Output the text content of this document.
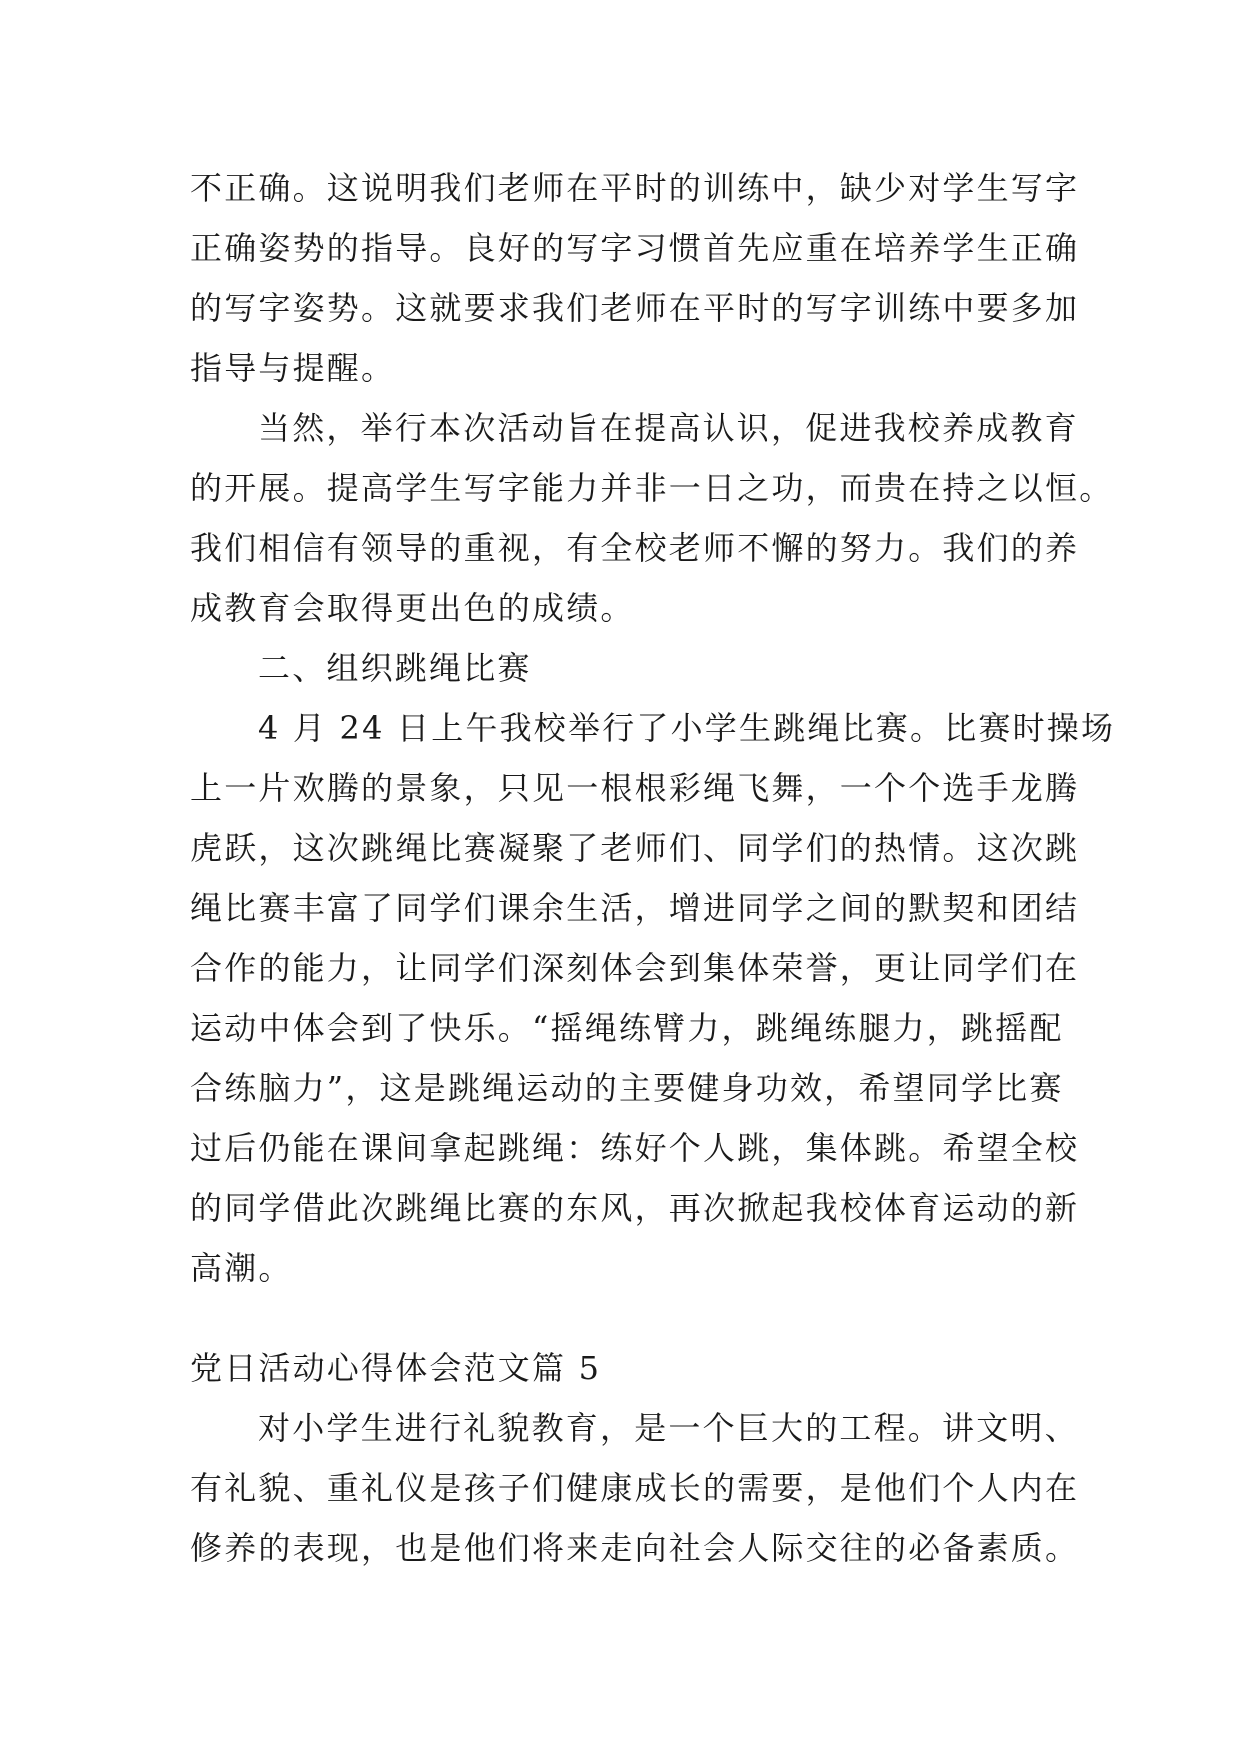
不正确。这说明我们老师在平时的训练中，缺少对学生写字
正确姿势的指导。良好的写字习惯首先应重在培养学生正确
的写字姿势。这就要求我们老师在平时的写字训练中要多加
指导与提醒。
当然，举行本次活动旨在提高认识，促进我校养成教育
的开展。提高学生写字能力并非一日之功，而贵在持之以恒。
我们相信有领导的重视，有全校老师不懈的努力。我们的养
成教育会取得更出色的成绩。
二、组织跳绳比赛
4 月 24 日上午我校举行了小学生跳绳比赛。比赛时操场
上一片欢腾的景象，只见一根根彩绳飞舞，一个个选手龙腾
虎跃，这次跳绳比赛凝聚了老师们、同学们的热情。这次跳
绳比赛丰富了同学们课余生活，增进同学之间的默契和团结
合作的能力，让同学们深刻体会到集体荣誉，更让同学们在
运动中体会到了快乐。“摇绳练臂力，跳绳练腿力，跳摇配
合练脑力”，这是跳绳运动的主要健身功效，希望同学比赛
过后仍能在课间拿起跳绳：练好个人跳，集体跳。希望全校
的同学借此次跳绳比赛的东风，再次掀起我校体育运动的新
高潮。
党日活动心得体会范文篇 5
对小学生进行礼貌教育，是一个巨大的工程。讲文明、
有礼貌、重礼仪是孩子们健康成长的需要，是他们个人内在
修养的表现，也是他们将来走向社会人际交往的必备素质。
